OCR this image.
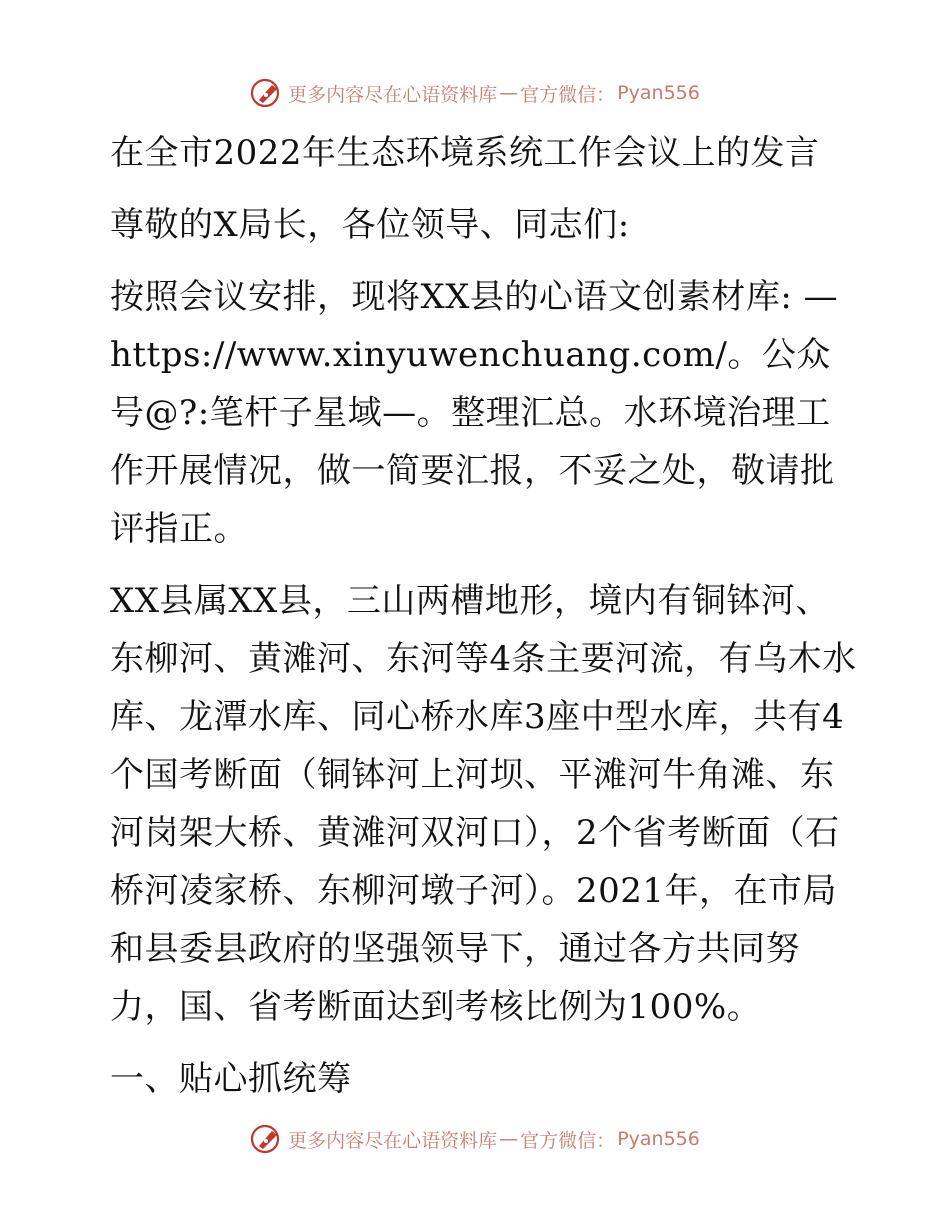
更多内容尽在心语资料库 — 官方微信： Pyan556

在全市2022年生态环境系统工作会议上的发言

尊敬的X局长，各位领导、同志们:

按照会议安排，现将XX县的心语文创素材库: —https://www.xinyuwenchuang.com/。公众号@?:笔杆子星域—。整理汇总。水环境治理工作开展情况，做一简要汇报，不妥之处，敬请批评指正。

XX县属XX县，三山两槽地形，境内有铜钵河、东柳河、黄滩河、东河等4条主要河流，有乌木水库、龙潭水库、同心桥水库3座中型水库，共有4个国考断面（铜钵河上河坝、平滩河牛角滩、东河岗架大桥、黄滩河双河口），2个省考断面（石桥河凌家桥、东柳河墩子河）。2021年，在市局和县委县政府的坚强领导下，通过各方共同努力，国、省考断面达到考核比例为100%。

一、贴心抓统筹

更多内容尽在心语资料库 — 官方微信： Pyan556
